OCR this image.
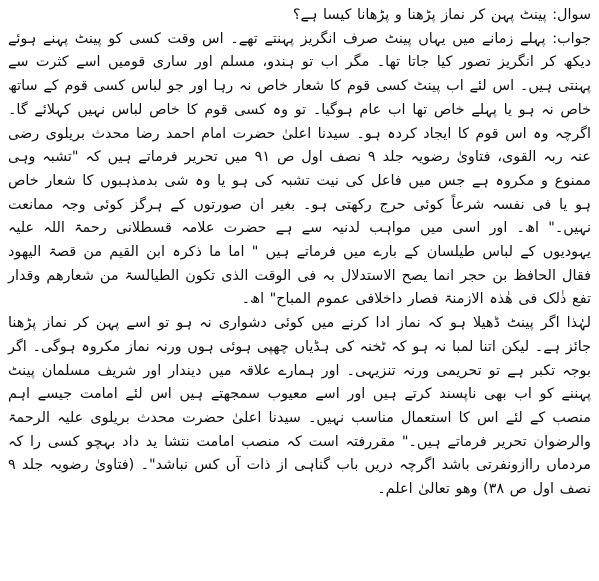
سوال: پینٹ پہن کر نماز پڑھنا و پڑھانا کیسا ہے؟

جواب: پہلے زمانے میں یہاں پینٹ صرف انگریز پہنتے تھے۔ اس وقت کسی کو پینٹ پہنے ہوئے دیکھ کر انگریز تصور کیا جاتا تھا۔ مگر اب تو ہندو، مسلم اور ساری قومیں اسے کثرت سے پہنتی ہیں۔ اس لئے اب پینٹ کسی قوم کا شعار خاص نہ رہا اور جو لباس کسی قوم کے ساتھ خاص نہ ہو یا پہلے خاص تھا اب عام ہوگیا۔ تو وہ کسی قوم کا خاص لباس نہیں کہلائے گا۔ اگرچہ وہ اس قوم کا ایجاد کردہ ہو۔ سیدنا اعلیٰ حضرت امام احمد رضا محدث بریلوی رضی عنہ ربہ القوی، فتاویٰ رضویہ جلد ۹ نصف اول ص ۹۱ میں تحریر فرماتے ہیں کہ "تشبہ وہی ممنوع و مکروہ ہے جس میں فاعل کی نیت تشبہ کی ہو یا وہ شی بدمذہبوں کا شعار خاص ہو یا فی نفسہ شرعاً کوئی حرج رکھتی ہو۔ بغیر ان صورتوں کے ہرگز کوئی وجہ ممانعت نہیں۔" اھ۔ اور اسی میں مواہب لدنیہ سے ہے حضرت علامہ قسطلانی رحمۃ اللہ علیہ یہودیوں کے لباس طیلسان کے بارے میں فرماتے ہیں " اما ما ذکرہ ابن القیم من قصۃ الیھود فقال الحافظ بن حجر انما یصح الاستدلال بہ فی الوقت الذی تکون الطیالسۃ من شعارھم وقدار تفع ذٰلک فی ھٰذہ الازمنۃ فصار داخلافی عموم المباح" اھ۔

لہٰذا اگر پینٹ ڈھیلا ہو کہ نماز ادا کرنے میں کوئی دشواری نہ ہو تو اسے پہن کر نماز پڑھنا جائز ہے۔ لیکن اتنا لمبا نہ ہو کہ ٹخنہ کی ہڈیاں چھپی ہوئی ہوں ورنہ نماز مکروہ ہوگی۔ اگر بوجہ تکبر ہے تو تحریمی ورنہ تنزیہی۔ اور ہمارے علاقہ میں دیندار اور شریف مسلمان پینٹ پہننے کو اب بھی ناپسند کرتے ہیں اور اسے معیوب سمجھتے ہیں اس لئے امامت جیسے اہم منصب کے لئے اس کا استعمال مناسب نہیں۔ سیدنا اعلیٰ حضرت محدث بریلوی علیہ الرحمۃ والرضوان تحریر فرماتے ہیں۔" مقررفتہ است کہ منصب امامت نتشا ید داد بہچو کسی را کہ مردماں راازونفرتی باشد اگرچہ دریں باب گناہی از ذات آں کس نباشد"۔ (فتاویٰ رضویہ جلد ۹ نصف اول ص ۳۸) وھو تعالیٰ اعلم۔
